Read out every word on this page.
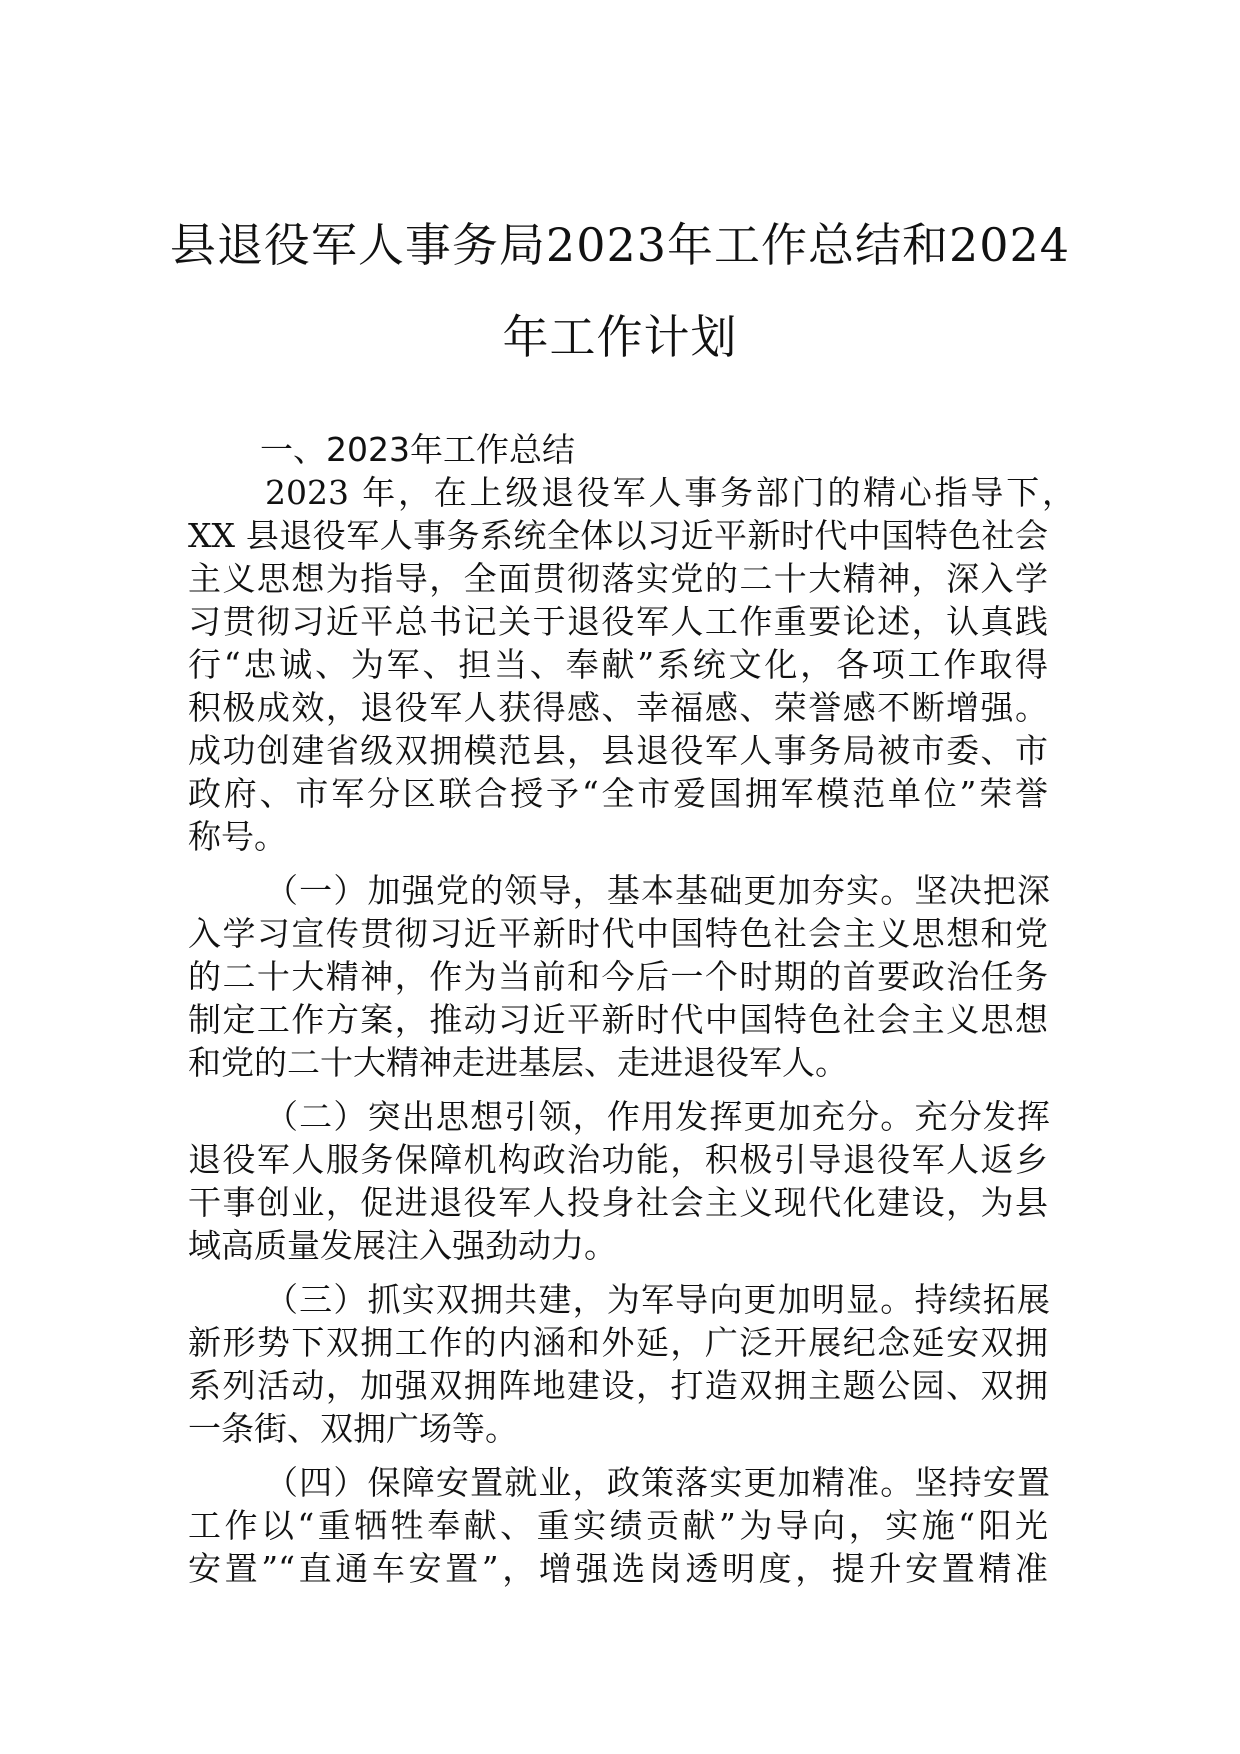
县退役军人事务局2023年工作总结和2024
年工作计划
一、2023年工作总结
2023 年，在上级退役军人事务部门的精心指导下，
XX 县退役军人事务系统全体以习近平新时代中国特色社会
主义思想为指导，全面贯彻落实党的二十大精神，深入学
习贯彻习近平总书记关于退役军人工作重要论述，认真践
行“忠诚、为军、担当、奉献”系统文化，各项工作取得
积极成效，退役军人获得感、幸福感、荣誉感不断增强。
成功创建省级双拥模范县，县退役军人事务局被市委、市
政府、市军分区联合授予“全市爱国拥军模范单位”荣誉
称号。
（一）加强党的领导，基本基础更加夯实。坚决把深
入学习宣传贯彻习近平新时代中国特色社会主义思想和党
的二十大精神，作为当前和今后一个时期的首要政治任务
制定工作方案，推动习近平新时代中国特色社会主义思想
和党的二十大精神走进基层、走进退役军人。
（二）突出思想引领，作用发挥更加充分。充分发挥
退役军人服务保障机构政治功能，积极引导退役军人返乡
干事创业，促进退役军人投身社会主义现代化建设，为县
域高质量发展注入强劲动力。
（三）抓实双拥共建，为军导向更加明显。持续拓展
新形势下双拥工作的内涵和外延，广泛开展纪念延安双拥
系列活动，加强双拥阵地建设，打造双拥主题公园、双拥
一条街、双拥广场等。
（四）保障安置就业，政策落实更加精准。坚持安置
工作以“重牺牲奉献、重实绩贡献”为导向，实施“阳光
安置”“直通车安置”，增强选岗透明度，提升安置精准
